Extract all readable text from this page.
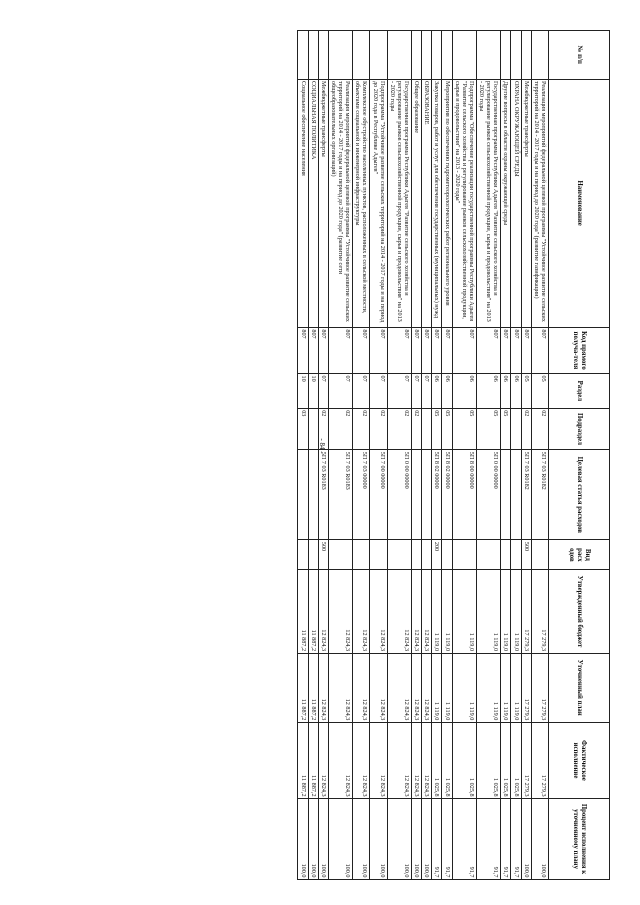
- 84 -
№ п/п	Наименование	Код прямого получа-теля	Раздел	Подраздел	Целевая статья расходов	Вид расх одов	Утвержденный бюджет	Уточненный план	Фактическое исполнение	Процент исполнения к уточненному плану
	Реализация мероприятий федеральной целевой программы "Устойчивое развитие сельских территорий на 2014 - 2017 годы и на период до 2020 года" (развитие газификации)	807	05	02	5П 7 03 R0182		17 279,3	17 279,3	17 279,3	100,0
	Межбюджетные трансферты	807	05	02	5П 7 03 R0182	500	17 279,3	17 279,3	17 279,3	100,0
	ОХРАНА ОКРУЖАЮЩЕЙ СРЕДЫ	807	06				1 119,0	1 119,0	1 025,8	91,7
	Другие вопросы в области охраны окружающей среды	807	06	05			1 119,0	1 119,0	1 025,8	91,7
	Государственная программа Республики Адыгея "Развитие сельского хозяйства и регулирование рынков сельскохозяйственной продукции, сырья и продовольствия" на 2013 - 2020 годы	807	06	05	5П 0 00 00000		1 119,0	1 119,0	1 025,8	91,7
	Подпрограмма "Обеспечение реализации государственной программы Республики Адыгея "Развитие сельского хозяйства и регулирование рынков сельскохозяйственной продукции, сырья и продовольствия" на 2013 - 2020 годы"	807	06	05	5П 8 00 00000		1 119,0	1 119,0	1 025,8	91,7
	Мероприятия по обеспечению гидрометеорологических работ регионального уровня	807	06	05	5П 8 02 00000		1 119,0	1 119,0	1 025,8	91,7
	Закупка товаров, работ и услуг для обеспечения государственных (муниципальных) нужд	807	06	05	5П 8 02 00000	200	1 119,0	1 119,0	1 025,8	91,7
	ОБРАЗОВАНИЕ	807	07				12 824,3	12 824,3	12 824,3	100,0
	Общее образование	807	07	02			12 824,3	12 824,3	12 824,3	100,0
	Государственная программа Республики Адыгея "Развитие сельского хозяйства и регулирование рынков сельскохозяйственной продукции, сырья и продовольствия" на 2013 - 2020 годы	807	07	02	5П 0 00 00000		12 824,3	12 824,3	12 824,3	100,0
	Подпрограмма "Устойчивое развитие сельских территорий на 2014 - 2017 годы и на период до 2020 года в Республике Адыгея"	807	07	02	5П 7 00 00000		12 824,3	12 824,3	12 824,3	100,0
	Комплексное обустройство населенных пунктов, расположенных в сельской местности, объектами социальной и инженерной инфраструктуры	807	07	02	5П 7 03 00000		12 824,3	12 824,3	12 824,3	100,0
	Реализация мероприятий федеральной целевой программы "Устойчивое развитие сельских территорий на 2014 - 2017 годы и на период до 2020 года" (развитие сети общеобразовательных организаций)	807	07	02	5П 7 03 R0183		12 824,3	12 824,3	12 824,3	100,0
	Межбюджетные трансферты	807	07	02	5П 7 03 R0183	500	12 824,3	12 824,3	12 824,3	100,0
	СОЦИАЛЬНАЯ ПОЛИТИКА	807	10				11 887,2	11 887,2	11 887,2	100,0
	Социальное обеспечение населения	807	10	03			11 887,2	11 887,2	11 887,2	100,0
